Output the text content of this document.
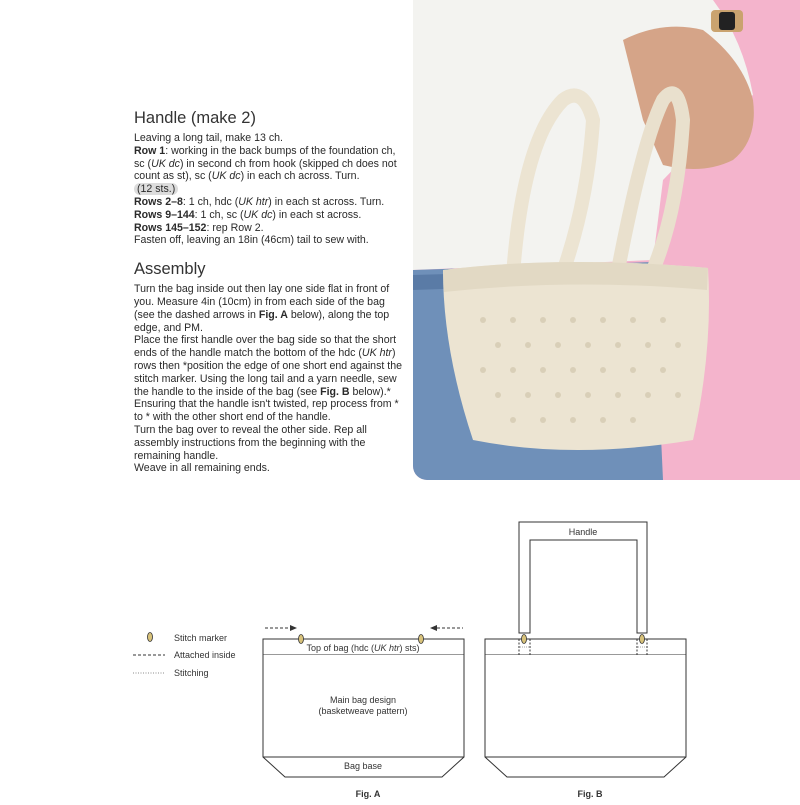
Handle (make 2)

Leaving a long tail, make 13 ch.

Row 1: working in the back bumps of the foundation ch, sc (UK dc) in second ch from hook (skipped ch does not count as st), sc (UK dc) in each ch across. Turn.

(12 sts.)

Rows 2–8: 1 ch, hdc (UK htr) in each st across. Turn.

Rows 9–144: 1 ch, sc (UK dc) in each st across.

Rows 145–152: rep Row 2.

Fasten off, leaving an 18in (46cm) tail to sew with.

Assembly

Turn the bag inside out then lay one side flat in front of you. Measure 4in (10cm) in from each side of the bag (see the dashed arrows in Fig. A below), along the top edge, and PM.

Place the first handle over the bag side so that the short ends of the handle match the bottom of the hdc (UK htr) rows then *position the edge of one short end against the stitch marker. Using the long tail and a yarn needle, sew the handle to the inside of the bag (see Fig. B below).*

Ensuring that the handle isn't twisted, rep process from * to * with the other short end of the handle.

Turn the bag over to reveal the other side. Rep all assembly instructions from the beginning with the remaining handle.

Weave in all remaining ends.

Stitch marker
Attached inside
Stitching
Top of bag (hdc (UK htr) sts)
Main bag design
(basketweave pattern)
Bag base
Fig. A
Handle
Fig. B
